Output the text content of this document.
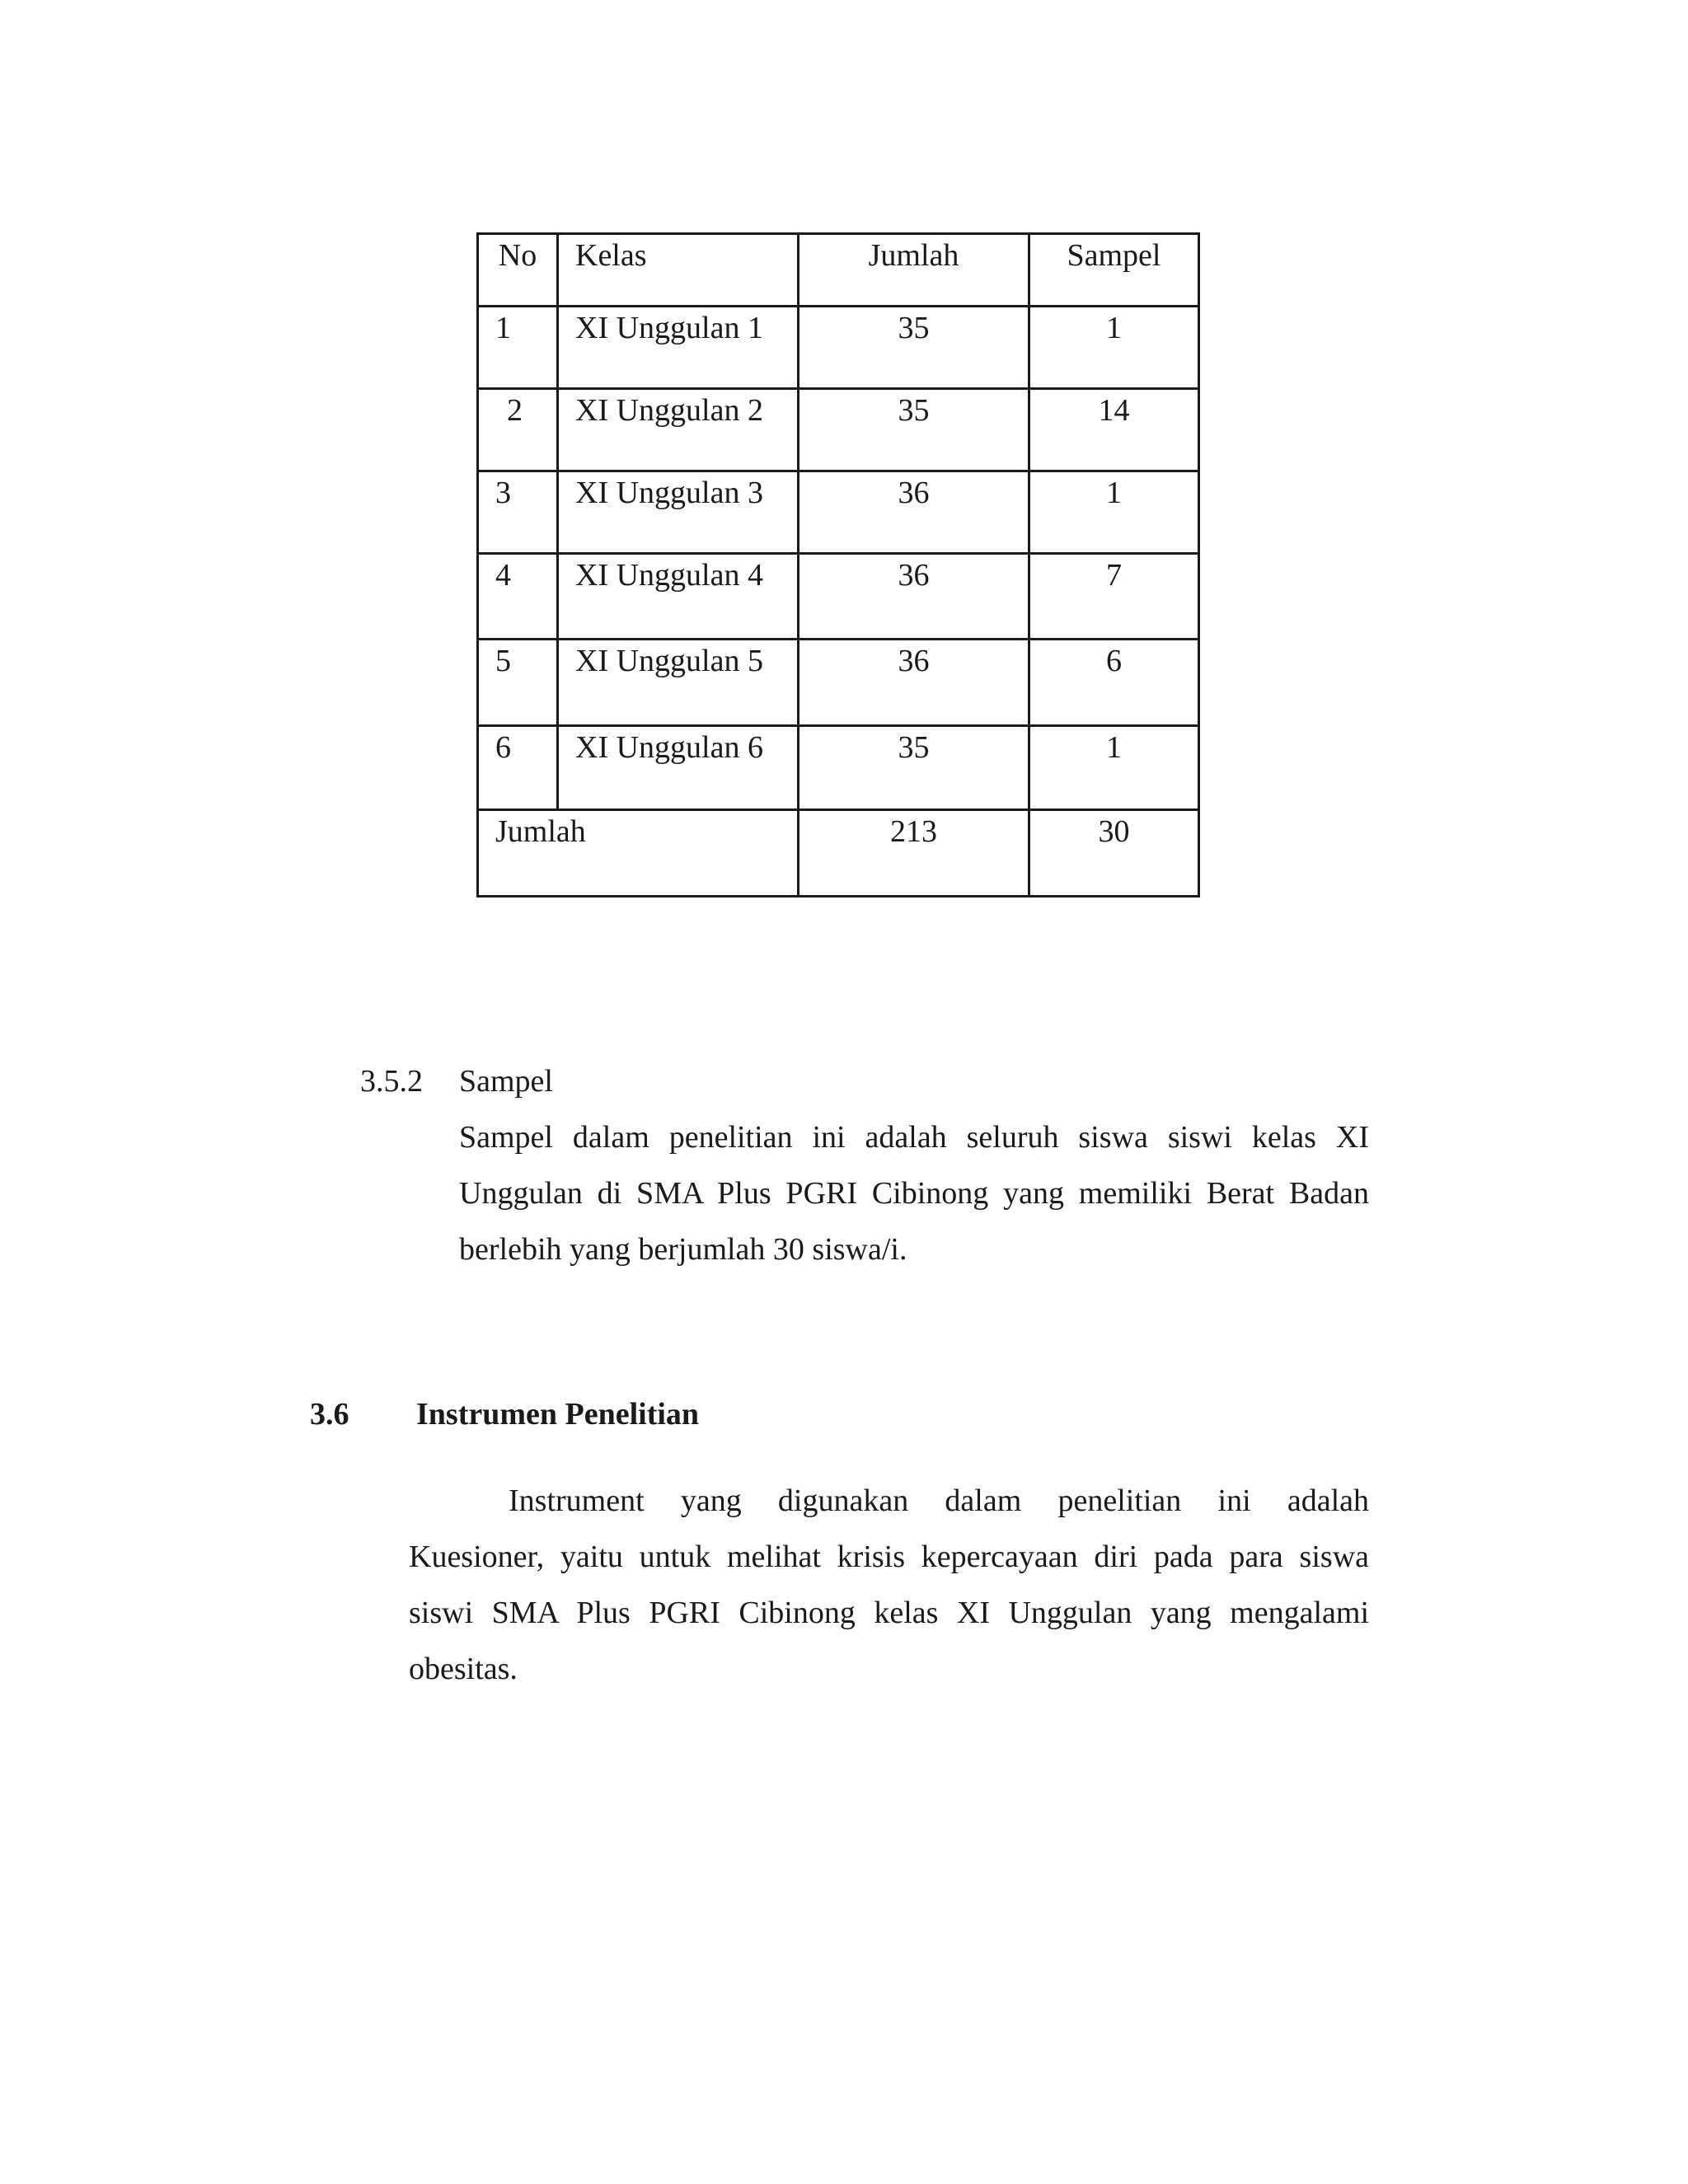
No	Kelas	Jumlah	Sampel
1	XI Unggulan 1	35	1
2	XI Unggulan 2	35	14
3	XI Unggulan 3	36	1
4	XI Unggulan 4	36	7
5	XI Unggulan 5	36	6
6	XI Unggulan 6	35	1
Jumlah		213	30
3.5.2 Sampel
Sampel dalam penelitian ini adalah seluruh siswa siswi kelas XI
Unggulan di SMA Plus PGRI Cibinong yang memiliki Berat Badan
berlebih yang berjumlah 30 siswa/i.
3.6 Instrumen Penelitian
Instrument yang digunakan dalam penelitian ini adalah
Kuesioner, yaitu untuk melihat krisis kepercayaan diri pada para siswa
siswi SMA Plus PGRI Cibinong kelas XI Unggulan yang mengalami
obesitas.
